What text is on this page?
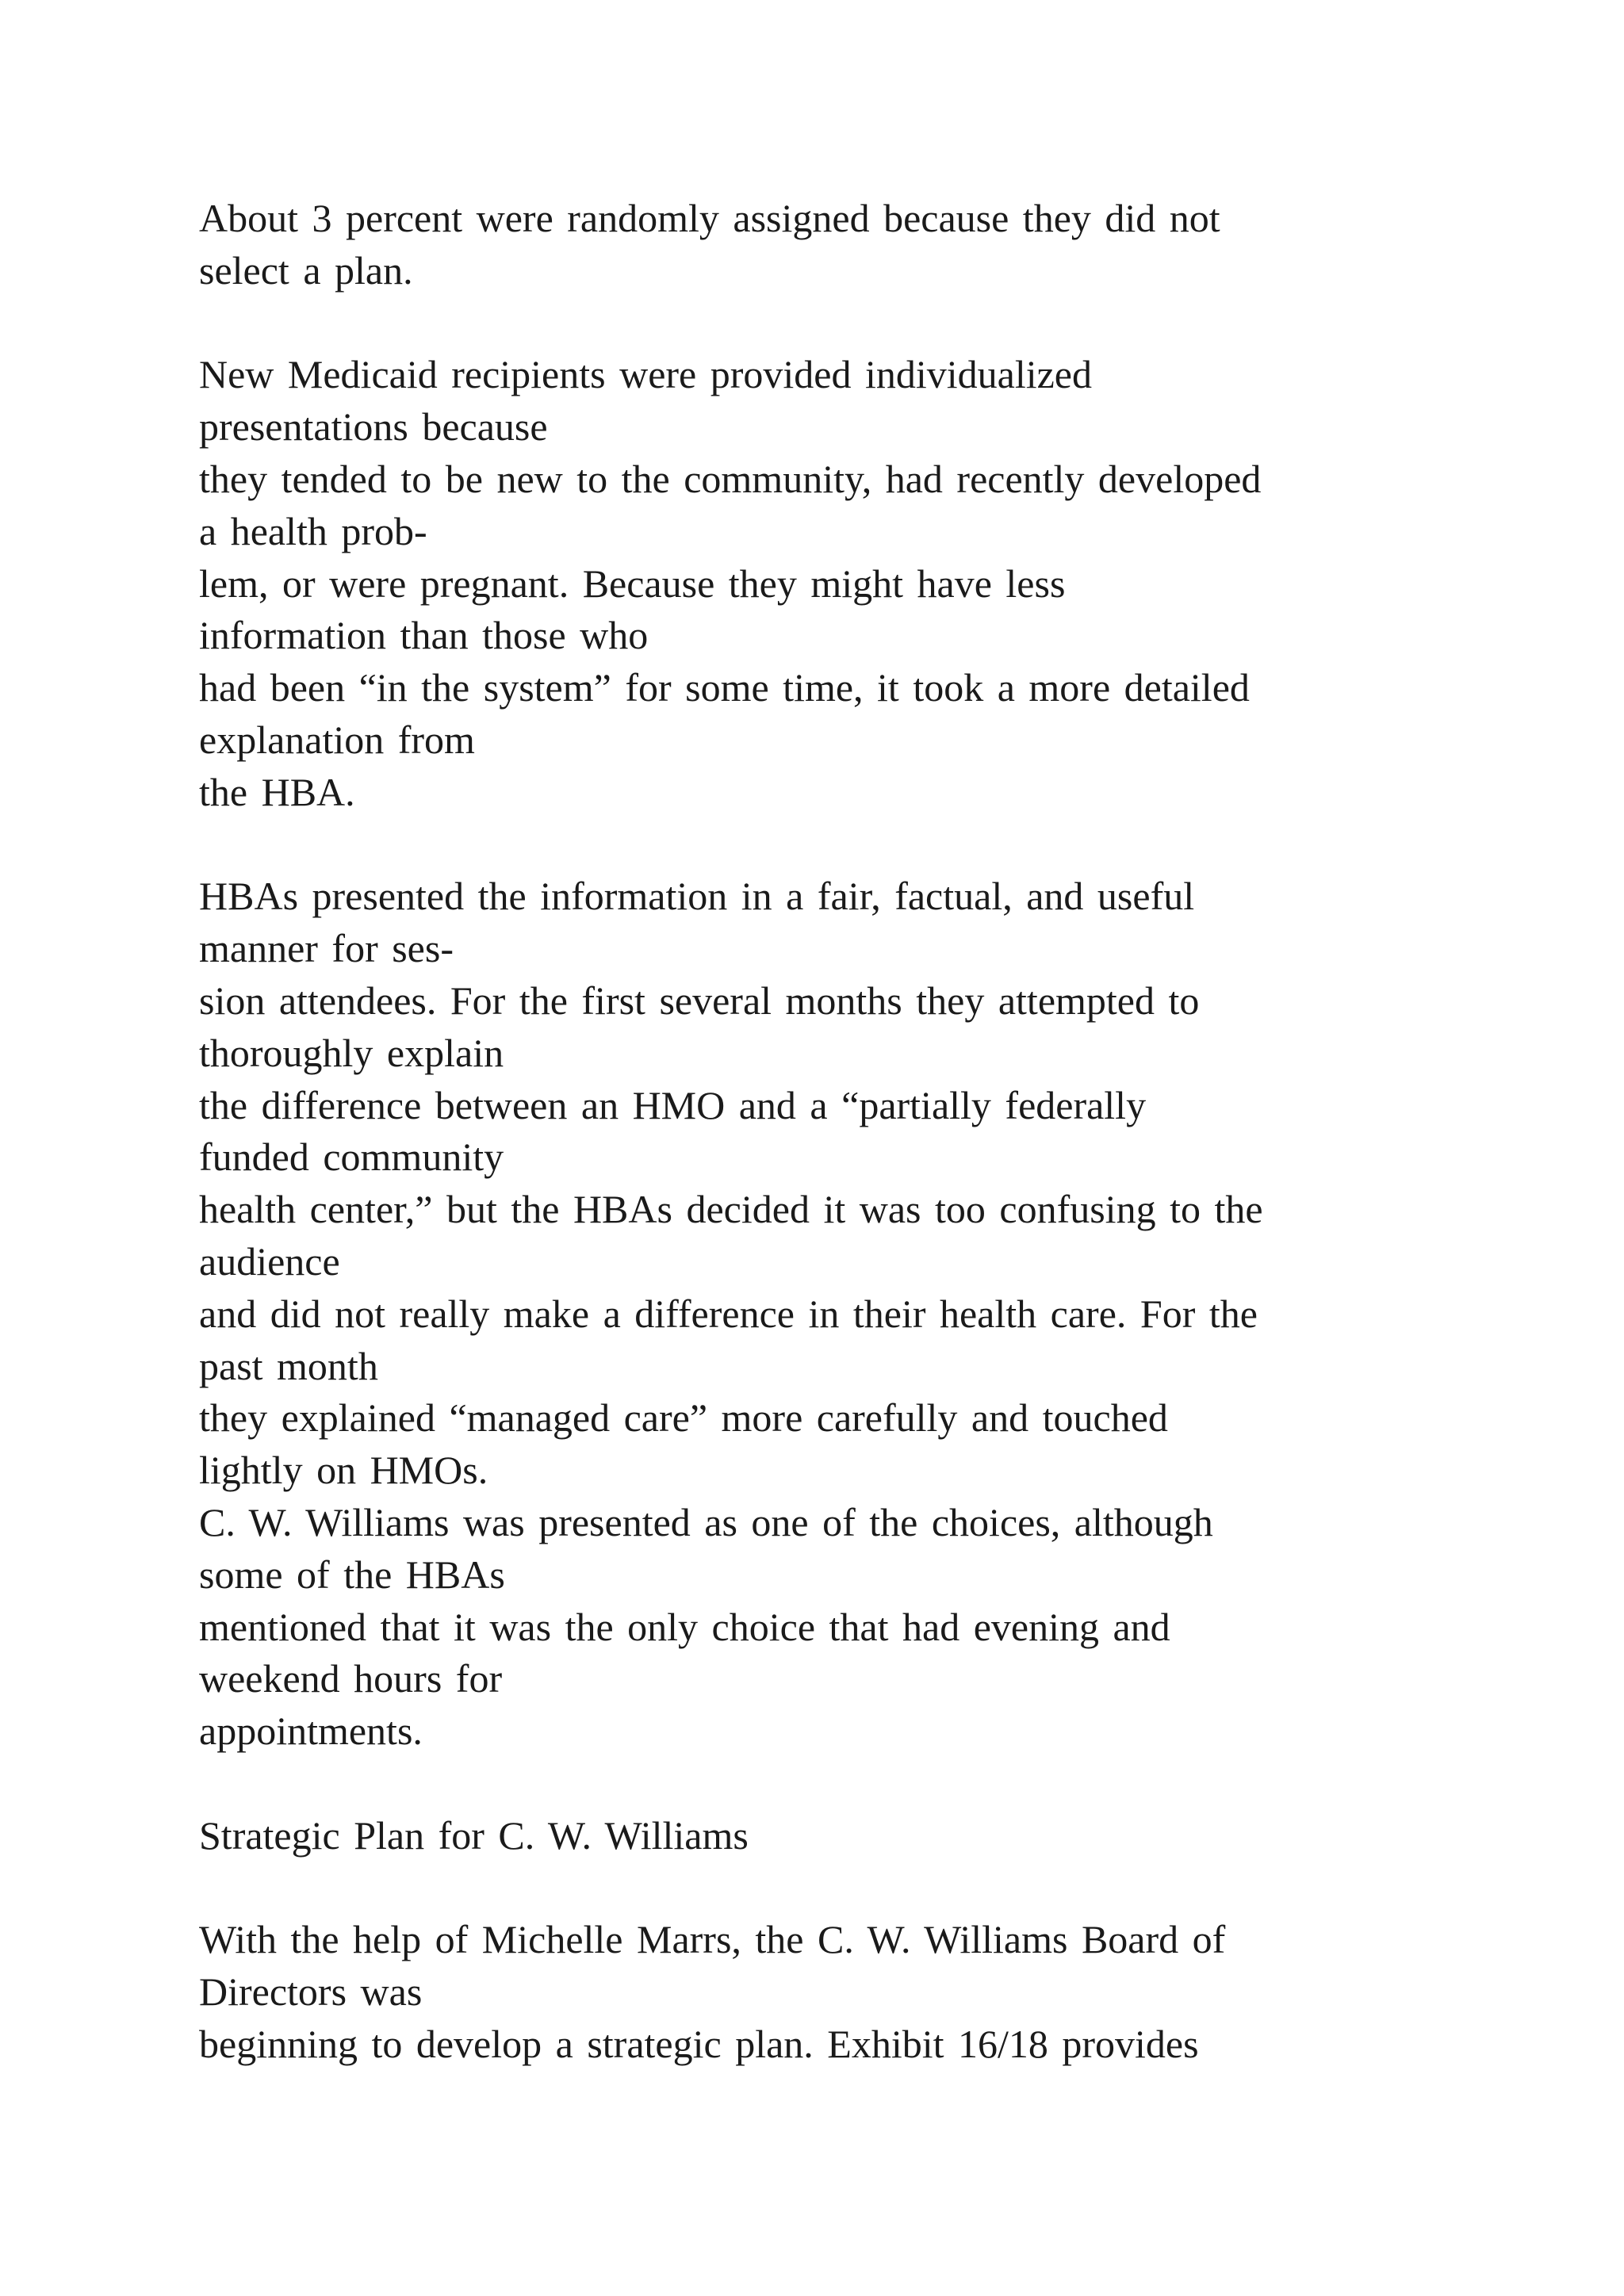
About 3 percent were randomly assigned because they did not
select a plan.
New Medicaid recipients were provided individualized
presentations because
they tended to be new to the community, had recently developed
a health prob-
lem, or were pregnant. Because they might have less
information than those who
had been “in the system” for some time, it took a more detailed
explanation from
the HBA.
HBAs presented the information in a fair, factual, and useful
manner for ses-
sion attendees. For the first several months they attempted to
thoroughly explain
the difference between an HMO and a “partially federally
funded community
health center,” but the HBAs decided it was too confusing to the
audience
and did not really make a difference in their health care. For the
past month
they explained “managed care” more carefully and touched
lightly on HMOs.
C. W. Williams was presented as one of the choices, although
some of the HBAs
mentioned that it was the only choice that had evening and
weekend hours for
appointments.
Strategic Plan for C. W. Williams
With the help of Michelle Marrs, the C. W. Williams Board of
Directors was
beginning to develop a strategic plan. Exhibit 16/18 provides
